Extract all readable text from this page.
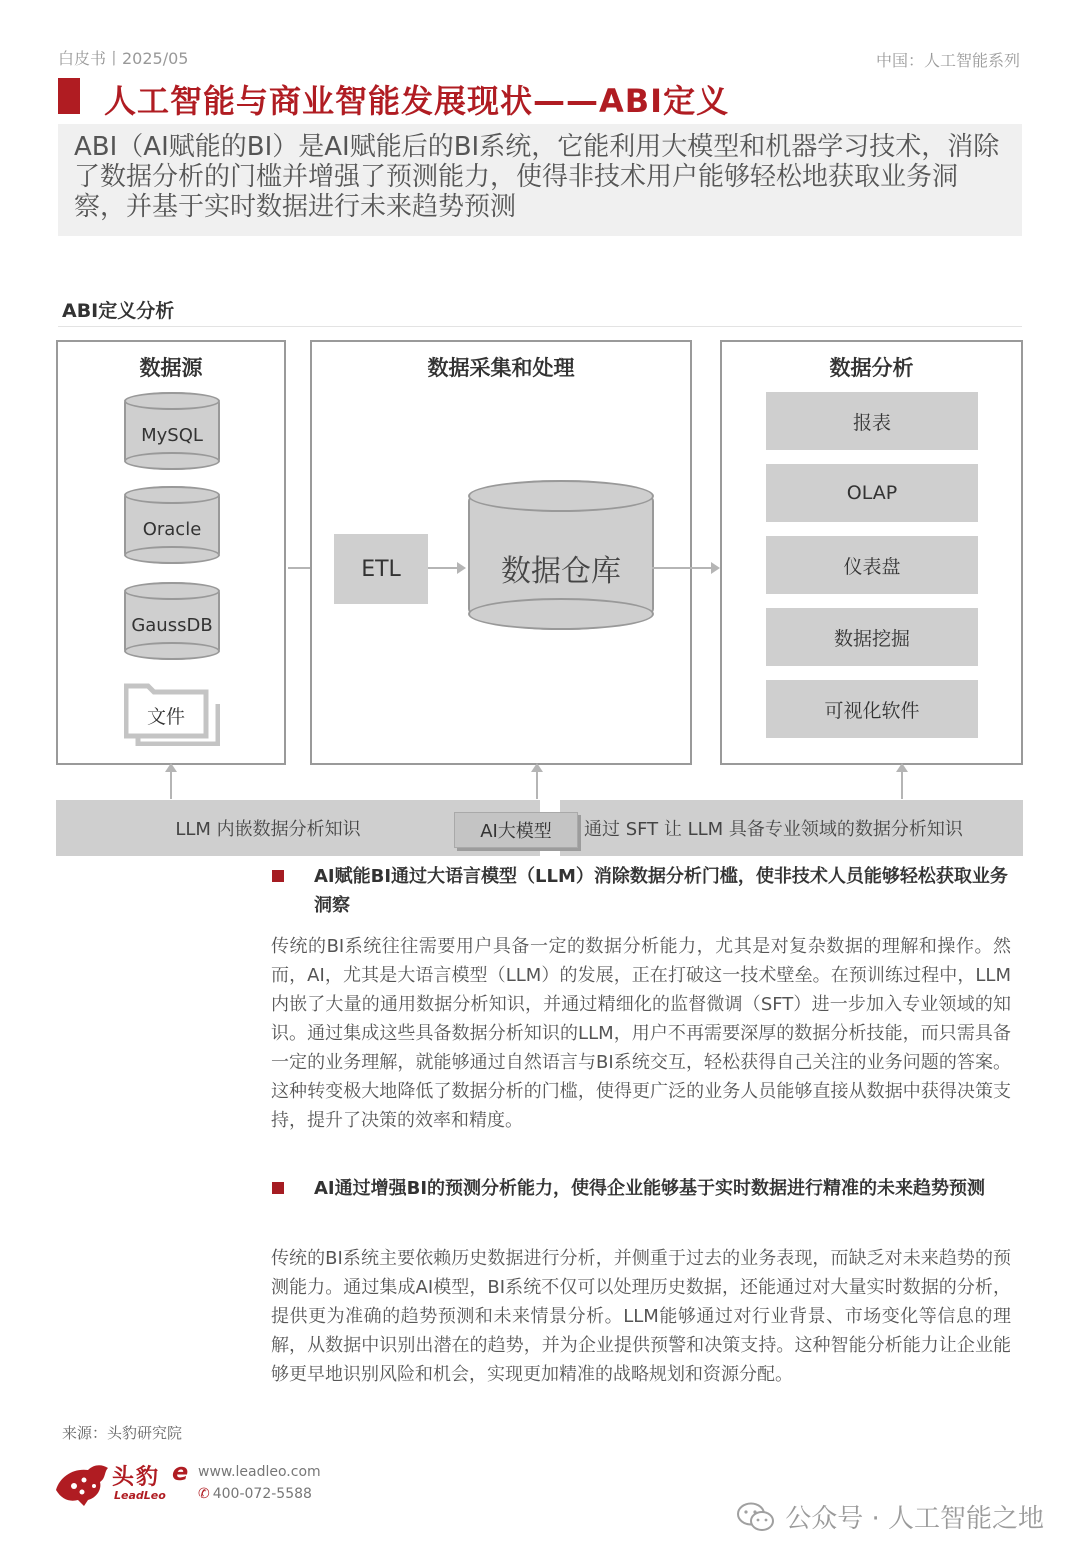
白皮书丨2025/05	中国：人工智能系列
人工智能与商业智能发展现状——ABI定义
ABI（AI赋能的BI）是AI赋能后的BI系统，它能利用大模型和机器学习技术，消除了数据分析的门槛并增强了预测能力，使得非技术用户能够轻松地获取业务洞察，并基于实时数据进行未来趋势预测
ABI定义分析
数据源
MySQL
Oracle
GaussDB
文件
数据采集和处理
ETL	数据仓库
数据分析
报表
OLAP
仪表盘
数据挖掘
可视化软件
LLM 内嵌数据分析知识	通过 SFT 让 LLM 具备专业领域的数据分析知识
AI大模型
AI赋能BI通过大语言模型（LLM）消除数据分析门槛，使非技术人员能够轻松获取业务洞察
传统的BI系统往往需要用户具备一定的数据分析能力，尤其是对复杂数据的理解和操作。然而，AI，尤其是大语言模型（LLM）的发展，正在打破这一技术壁垒。在预训练过程中，LLM内嵌了大量的通用数据分析知识，并通过精细化的监督微调（SFT）进一步加入专业领域的知识。通过集成这些具备数据分析知识的LLM，用户不再需要深厚的数据分析技能，而只需具备一定的业务理解，就能够通过自然语言与BI系统交互，轻松获得自己关注的业务问题的答案。这种转变极大地降低了数据分析的门槛，使得更广泛的业务人员能够直接从数据中获得决策支持，提升了决策的效率和精度。
AI通过增强BI的预测分析能力，使得企业能够基于实时数据进行精准的未来趋势预测
传统的BI系统主要依赖历史数据进行分析，并侧重于过去的业务表现，而缺乏对未来趋势的预测能力。通过集成AI模型，BI系统不仅可以处理历史数据，还能通过对大量实时数据的分析，提供更为准确的趋势预测和未来情景分析。LLM能够通过对行业背景、市场变化等信息的理解，从数据中识别出潜在的趋势，并为企业提供预警和决策支持。这种智能分析能力让企业能够更早地识别风险和机会，实现更加精准的战略规划和资源分配。
来源：头豹研究院
头豹
LeadLeo
e www.leadleo.com
✆ 400-072-5588
公众号 · 人工智能之地
